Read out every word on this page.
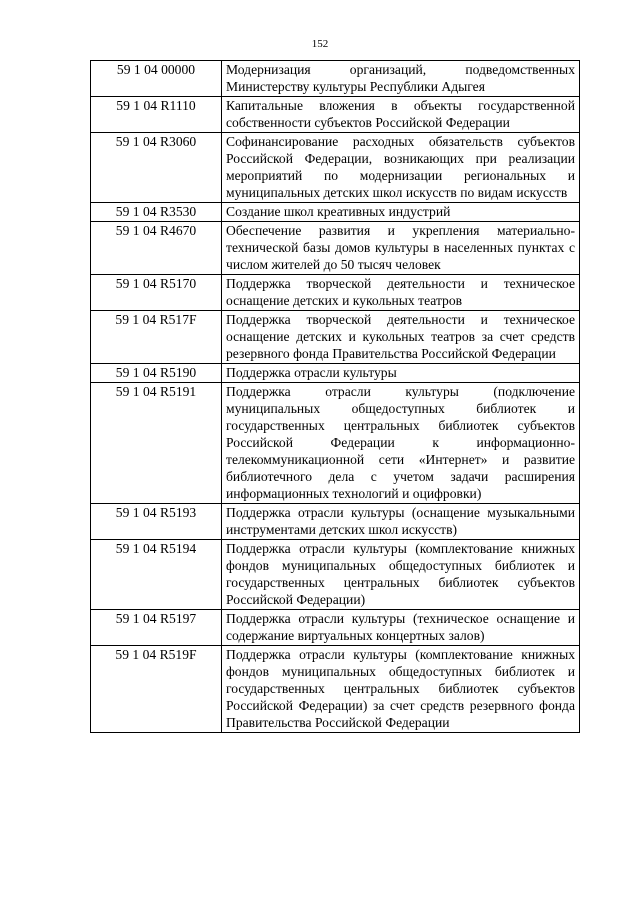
152
59 1 04 00000	Модернизация организаций, подведомственных Министерству культуры Республики Адыгея
59 1 04 R1110	Капитальные вложения в объекты государственной собственности субъектов Российской Федерации
59 1 04 R3060	Софинансирование расходных обязательств субъектов Российской Федерации, возникающих при реализации мероприятий по модернизации региональных и муниципальных детских школ искусств по видам искусств
59 1 04 R3530	Создание школ креативных индустрий
59 1 04 R4670	Обеспечение развития и укрепления материально-технической базы домов культуры в населенных пунктах с числом жителей до 50 тысяч человек
59 1 04 R5170	Поддержка творческой деятельности и техническое оснащение детских и кукольных театров
59 1 04 R517F	Поддержка творческой деятельности и техническое оснащение детских и кукольных театров за счет средств резервного фонда Правительства Российской Федерации
59 1 04 R5190	Поддержка отрасли культуры
59 1 04 R5191	Поддержка отрасли культуры (подключение муниципальных общедоступных библиотек и государственных центральных библиотек субъектов Российской Федерации к информационно-телекоммуникационной сети «Интернет» и развитие библиотечного дела с учетом задачи расширения информационных технологий и оцифровки)
59 1 04 R5193	Поддержка отрасли культуры (оснащение музыкальными инструментами детских школ искусств)
59 1 04 R5194	Поддержка отрасли культуры (комплектование книжных фондов муниципальных общедоступных библиотек и государственных центральных библиотек субъектов Российской Федерации)
59 1 04 R5197	Поддержка отрасли культуры (техническое оснащение и содержание виртуальных концертных залов)
59 1 04 R519F	Поддержка отрасли культуры (комплектование книжных фондов муниципальных общедоступных библиотек и государственных центральных библиотек субъектов Российской Федерации) за счет средств резервного фонда Правительства Российской Федерации
